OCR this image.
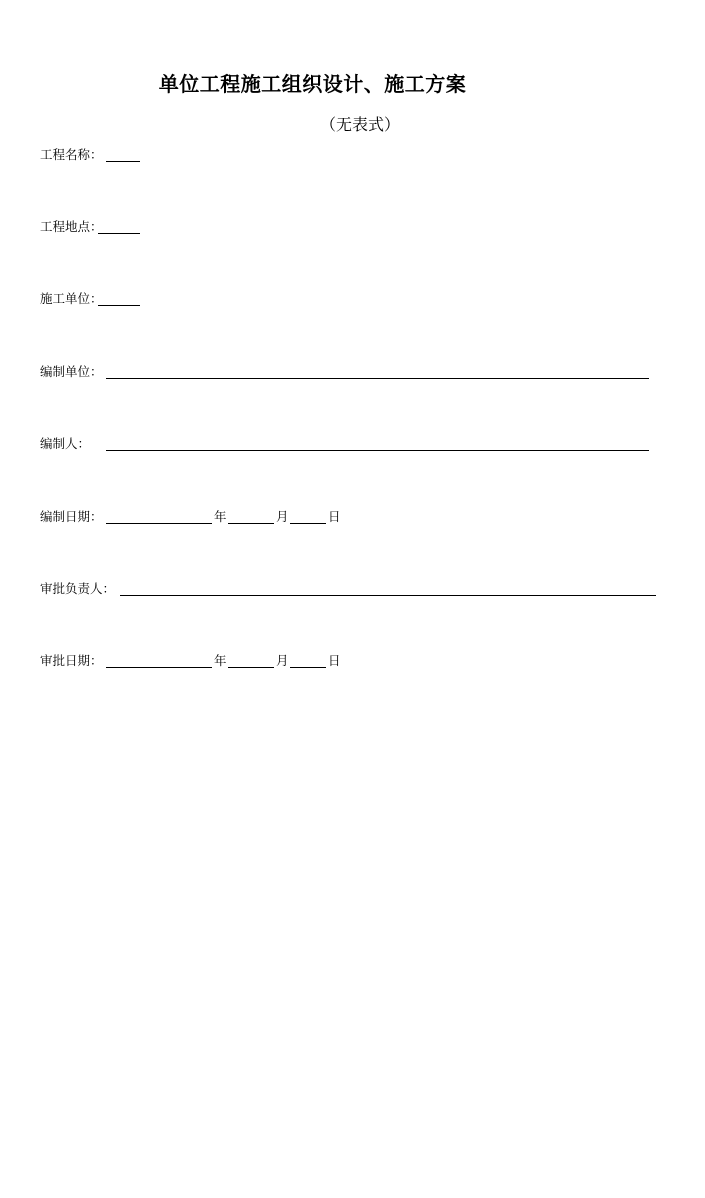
单位工程施工组织设计、施工方案
（无表式）
工程名称：
工程地点：
施工单位：
编制单位：
编制人：
编制日期：	年	月	日
审批负责人：
审批日期：	年	月	日
